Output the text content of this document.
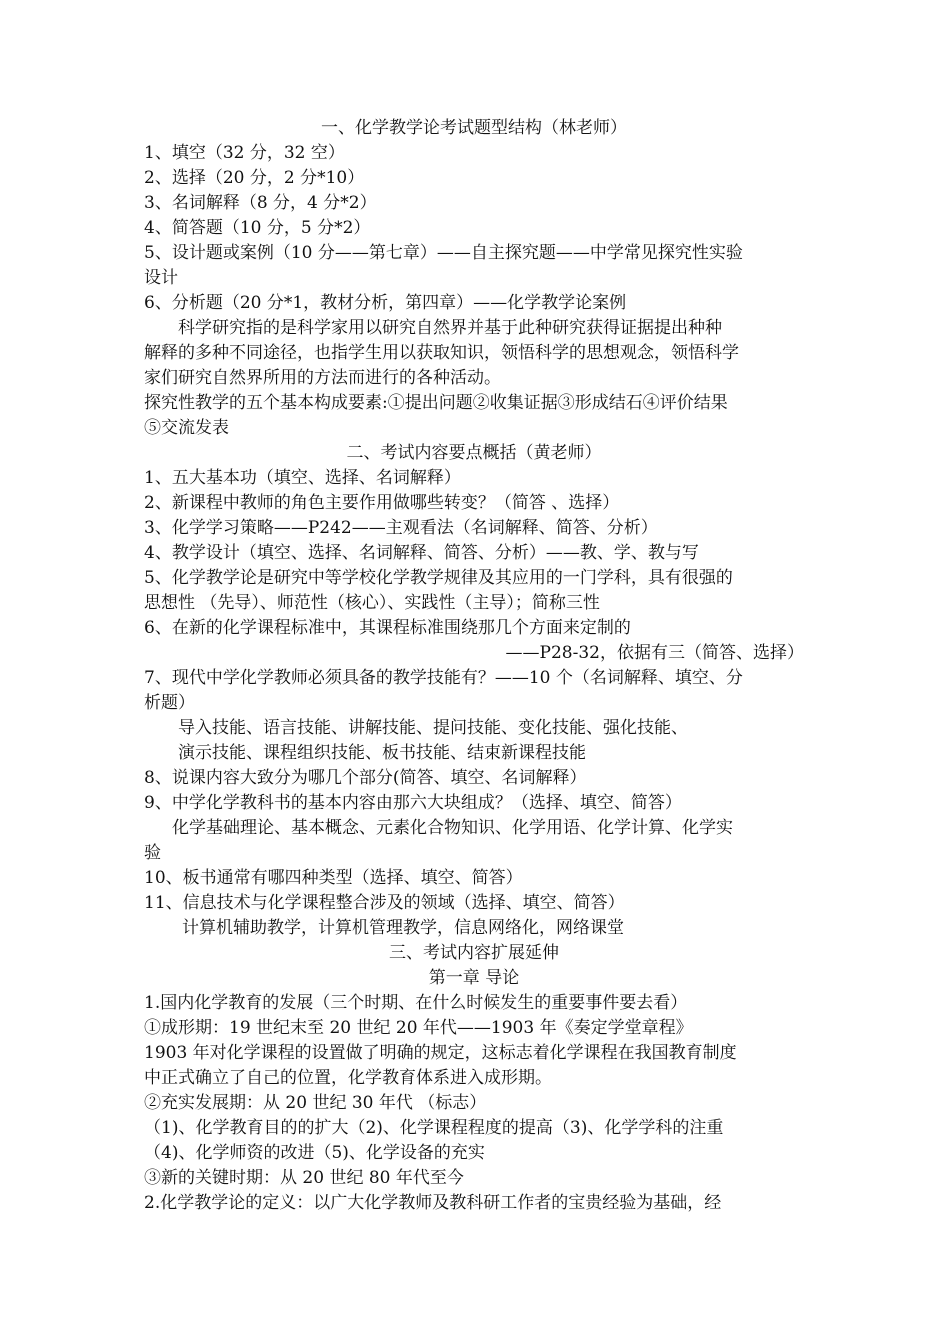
一、化学教学论考试题型结构（林老师）
1、填空（32 分，32 空）
2、选择（20 分，2 分*10）
3、名词解释（8 分，4 分*2）
4、简答题（10 分，5 分*2）
5、设计题或案例（10 分——第七章）——自主探究题——中学常见探究性实验
设计
6、分析题（20 分*1，教材分析，第四章）——化学教学论案例
科学研究指的是科学家用以研究自然界并基于此种研究获得证据提出种种
解释的多种不同途径，也指学生用以获取知识，领悟科学的思想观念，领悟科学
家们研究自然界所用的方法而进行的各种活动。
探究性教学的五个基本构成要素:①提出问题②收集证据③形成结石④评价结果
⑤交流发表
二、考试内容要点概括（黄老师）
1、五大基本功（填空、选择、名词解释）
2、新课程中教师的角色主要作用做哪些转变？（简答 、选择）
3、化学学习策略——P242——主观看法（名词解释、简答、分析）
4、教学设计（填空、选择、名词解释、简答、分析）——教、学、教与写
5、化学教学论是研究中等学校化学教学规律及其应用的一门学科，具有很强的
思想性 （先导）、师范性（核心）、实践性（主导）；简称三性
6、在新的化学课程标准中，其课程标准围绕那几个方面来定制的
——P28-32，依据有三（简答、选择）
7、现代中学化学教师必须具备的教学技能有？——10 个（名词解释、填空、分
析题）
导入技能、语言技能、讲解技能、提问技能、变化技能、强化技能、
演示技能、课程组织技能、板书技能、结束新课程技能
8、说课内容大致分为哪几个部分(简答、填空、名词解释）
9、中学化学教科书的基本内容由那六大块组成？（选择、填空、简答）
化学基础理论、基本概念、元素化合物知识、化学用语、化学计算、化学实
验
10、板书通常有哪四种类型（选择、填空、简答）
11、信息技术与化学课程整合涉及的领域（选择、填空、简答）
计算机辅助教学，计算机管理教学，信息网络化，网络课堂
三、考试内容扩展延伸
第一章 导论
1.国内化学教育的发展（三个时期、在什么时候发生的重要事件要去看）
①成形期：19 世纪末至 20 世纪 20 年代——1903 年《奏定学堂章程》
1903 年对化学课程的设置做了明确的规定，这标志着化学课程在我国教育制度
中正式确立了自己的位置，化学教育体系进入成形期。
②充实发展期：从 20 世纪 30 年代 （标志）
（1)、化学教育目的的扩大（2)、化学课程程度的提高（3)、化学学科的注重
（4)、化学师资的改进（5)、化学设备的充实
③新的关键时期：从 20 世纪 80 年代至今
2.化学教学论的定义：以广大化学教师及教科研工作者的宝贵经验为基础，经
